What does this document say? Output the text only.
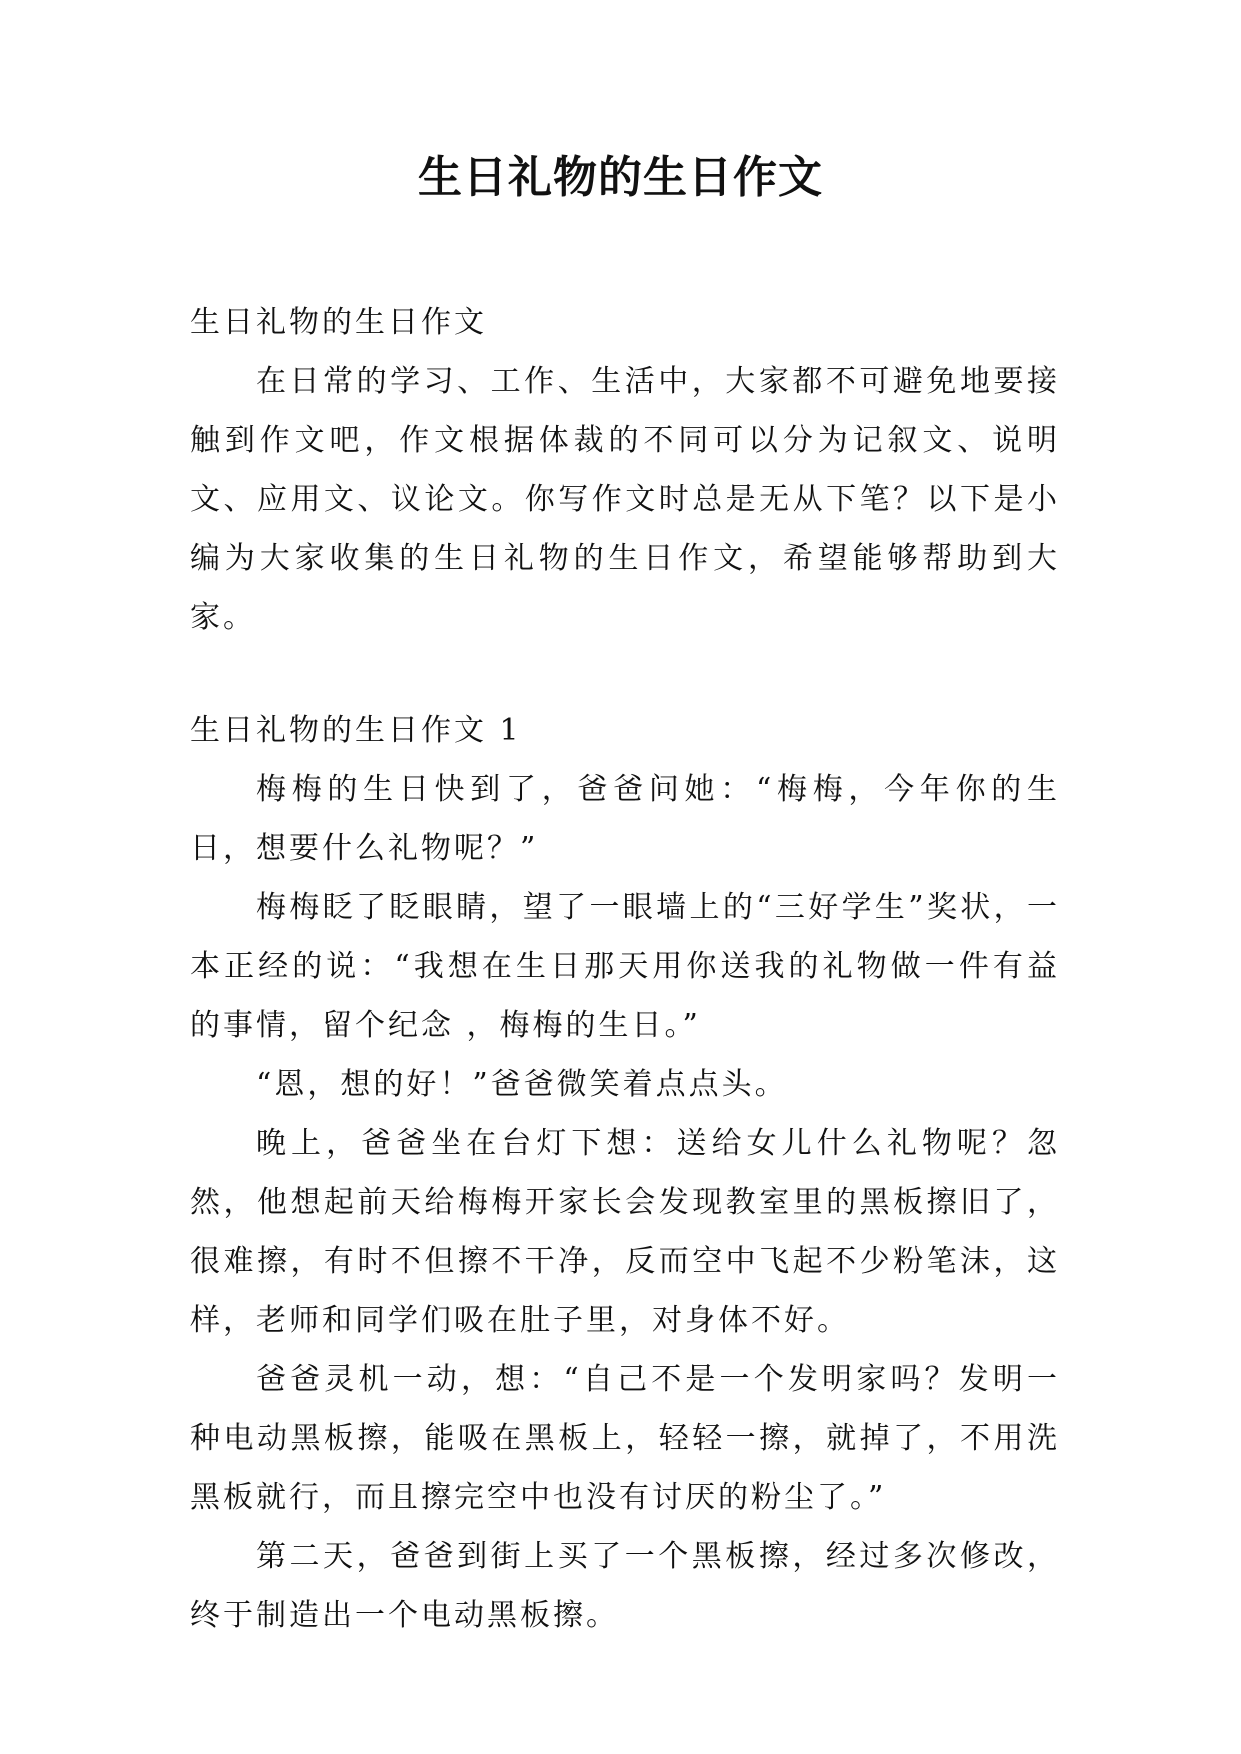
生日礼物的生日作文

生日礼物的生日作文

在日常的学习、工作、生活中，大家都不可避免地要接触到作文吧，作文根据体裁的不同可以分为记叙文、说明文、应用文、议论文。你写作文时总是无从下笔？以下是小编为大家收集的生日礼物的生日作文，希望能够帮助到大家。

生日礼物的生日作文 1

梅梅的生日快到了，爸爸问她：“梅梅，今年你的生日，想要什么礼物呢？”

梅梅眨了眨眼睛，望了一眼墙上的“三好学生”奖状，一本正经的说：“我想在生日那天用你送我的礼物做一件有益的事情，留个纪念 ，梅梅的生日。”

“恩，想的好！”爸爸微笑着点点头。

晚上，爸爸坐在台灯下想：送给女儿什么礼物呢？忽然，他想起前天给梅梅开家长会发现教室里的黑板擦旧了，很难擦，有时不但擦不干净，反而空中飞起不少粉笔沫，这样，老师和同学们吸在肚子里，对身体不好。

爸爸灵机一动，想：“自己不是一个发明家吗？发明一种电动黑板擦，能吸在黑板上，轻轻一擦，就掉了，不用洗黑板就行，而且擦完空中也没有讨厌的粉尘了。”

第二天，爸爸到街上买了一个黑板擦，经过多次修改，终于制造出一个电动黑板擦。
